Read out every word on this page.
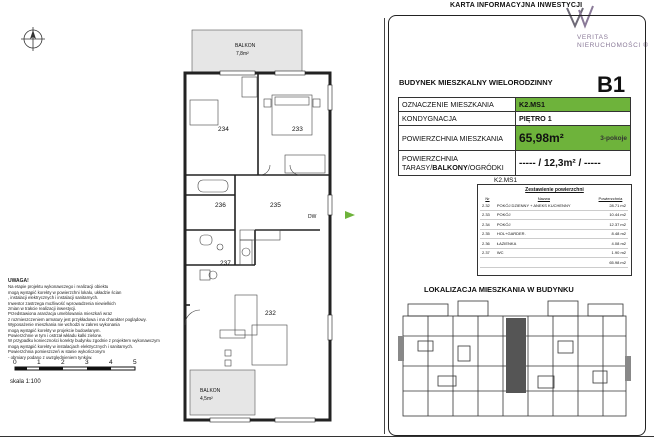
KARTA INFORMACYJNA INWESTYCJI
VERITAS NIERUCHOMOŚCI ®
BUDYNEK MIESZKALNY WIELORODZINNY B1
OZNACZENIE MIESZKANIA	K2.MS1
KONDYGNACJA	PIĘTRO 1
POWIERZCHNIA MIESZKANIA	65,98m² 3-pokoje

POWIERZCHNIA TARASY/BALKONY/OGRÓDKI	----- / 12,3m² / -----
K2.MS1
Zestawienie powierzchni
Nr	Nazwa	Powierzchnia
2.32	POKÓJ DZIENNY + ANEKS KUCHENNY	28.71 m2
2.33	POKÓJ	10.44 m2
2.34	POKÓJ	12.37 m2
2.35	HOL+GARDER.	8.48 m2
2.36	ŁAZIENKA	4.08 m2
2.37	WC	1.90 m2
		65.98 m2
LOKALIZACJA MIESZKANIA W BUDYNKU
UWAGA!
Na etapie projektu wykonawczego i realizacji obiektu
mogą wystąpić korekty w powierzchni lokalu, układzie ścian
, instalacji elektrycznych i instalacji sanitarnych.
Inwestor zastrzega możliwość wprowadzenia niewielkich
zmian w trakcie realizacji inwestycji.
Przedstawiona aranżacja umeblowania mieszkań wraz
z rozmieszczeniem armatury jest przykładowa i ma charakter poglądowy.
Wyposażenie mieszkania nie wchodzi w zakres wykonania
mogą wystąpić korekty w projekcie budowlanym.
Powierzchnie w tym i ostrzał wkładu kalki zielone.
W przypadku konieczności korekty budynku zgodnie z projektem wykonawczym
mogą wystąpić korekty w instalacjach elektrycznych i sanitarnych.
Powierzchnia pomieszczeń w stanie wykończonym
- obmiary podano z uwzględnieniem tynków.
0	1	2	3	4	5
skala 1:100
BALKON
7,8m²
234	233
236	235
DW
237
232
BALKON
4,5m²
